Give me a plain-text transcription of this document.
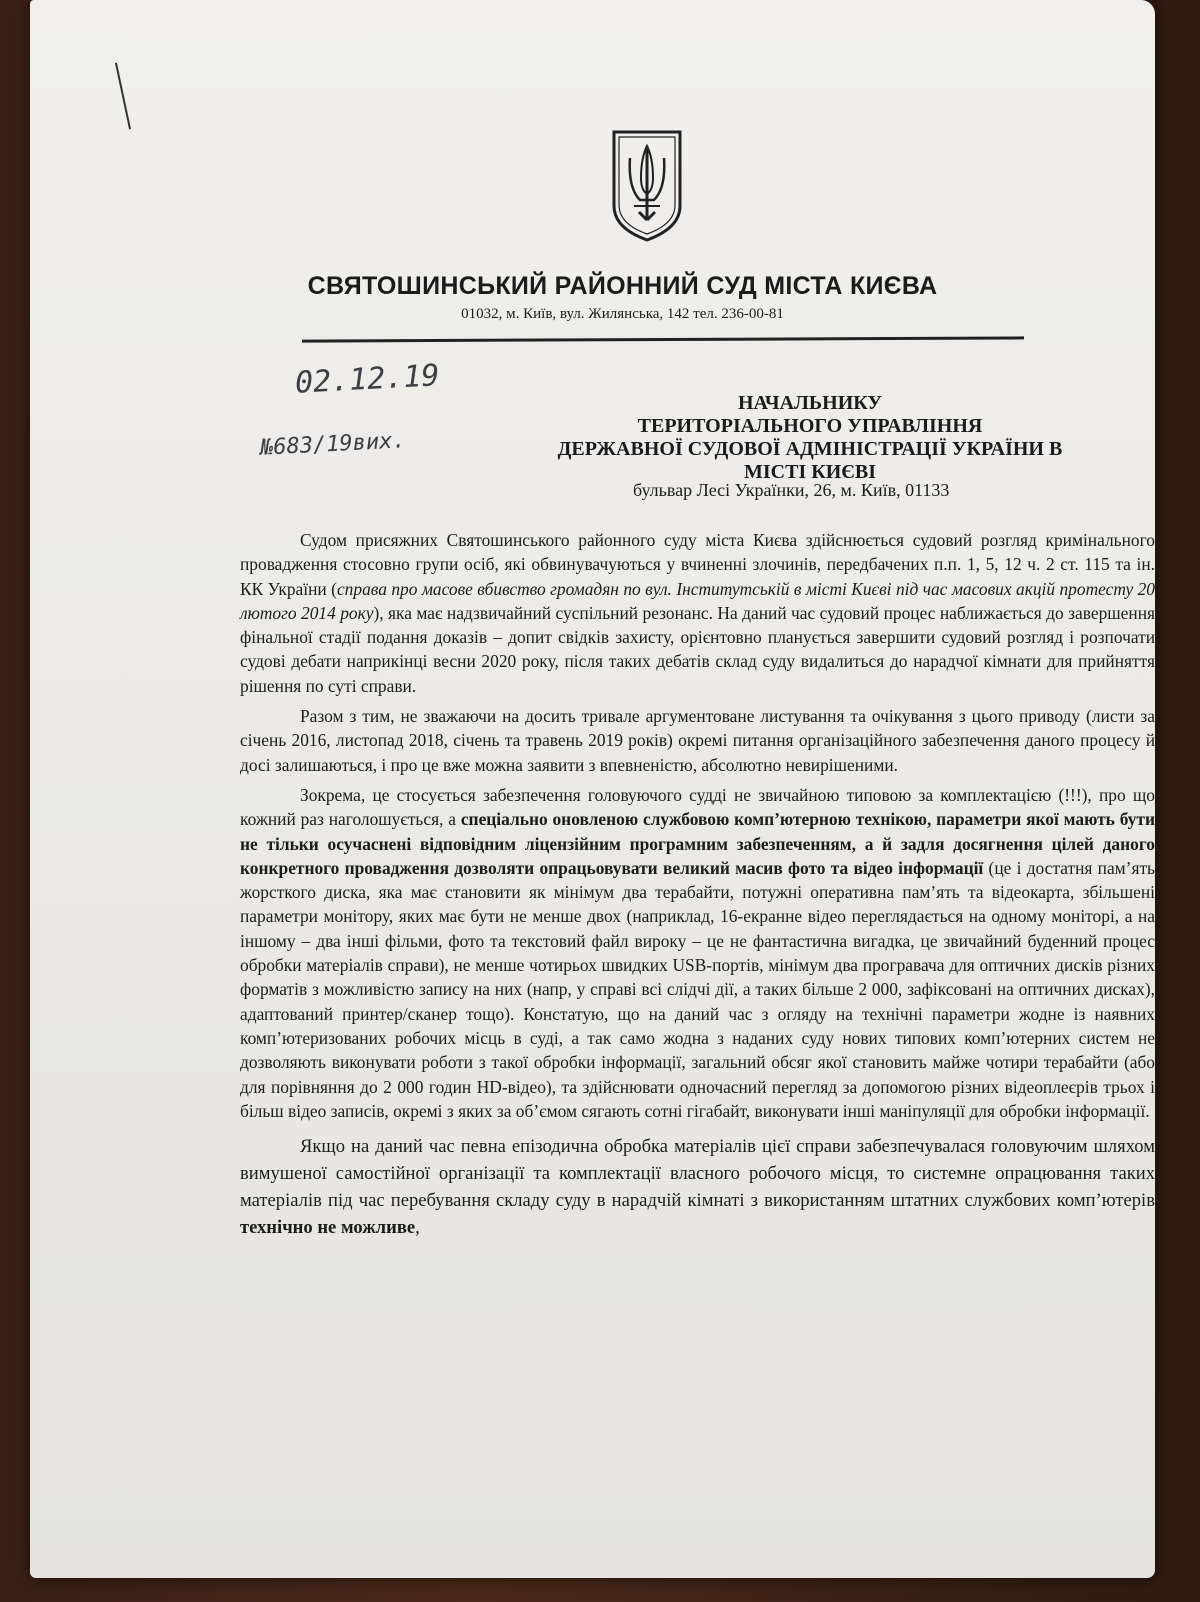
СВЯТОШИНСЬКИЙ РАЙОННИЙ СУД МІСТА КИЄВА
01032, м. Київ, вул. Жилянська, 142 тел. 236-00-81
02.12.19
№683/19вих.
НАЧАЛЬНИКУ
ТЕРИТОРІАЛЬНОГО УПРАВЛІННЯ
ДЕРЖАВНОЇ СУДОВОЇ АДМІНІСТРАЦІЇ УКРАЇНИ В
МІСТІ КИЄВІ
бульвар Лесі Українки, 26, м. Київ, 01133

Судом присяжних Святошинського районного суду міста Києва здійснюється судовий розгляд кримінального провадження стосовно групи осіб, які обвинувачуються у вчиненні злочинів, передбачених п.п. 1, 5, 12 ч. 2 ст. 115 та ін. КК України (справа про масове вбивство громадян по вул. Інститутській в місті Києві під час масових акцій протесту 20 лютого 2014 року), яка має надзвичайний суспільний резонанс. На даний час судовий процес наближається до завершення фінальної стадії подання доказів – допит свідків захисту, орієнтовно планується завершити судовий розгляд і розпочати судові дебати наприкінці весни 2020 року, після таких дебатів склад суду видалиться до нарадчої кімнати для прийняття рішення по суті справи.

Разом з тим, не зважаючи на досить тривале аргументоване листування та очікування з цього приводу (листи за січень 2016, листопад 2018, січень та травень 2019 років) окремі питання організаційного забезпечення даного процесу й досі залишаються, і про це вже можна заявити з впевненістю, абсолютно невирішеними.

Зокрема, це стосується забезпечення головуючого судді не звичайною типовою за комплектацією (!!!), про що кожний раз наголошується, а спеціально оновленою службовою комп’ютерною технікою, параметри якої мають бути не тільки осучаснені відповідним ліцензійним програмним забезпеченням, а й задля досягнення цілей даного конкретного провадження дозволяти опрацьовувати великий масив фото та відео інформації (це і достатня пам’ять жорсткого диска, яка має становити як мінімум два терабайти, потужні оперативна пам’ять та відеокарта, збільшені параметри монітору, яких має бути не менше двох (наприклад, 16-екранне відео переглядається на одному моніторі, а на іншому – два інші фільми, фото та текстовий файл вироку – це не фантастична вигадка, це звичайний буденний процес обробки матеріалів справи), не менше чотирьох швидких USB-портів, мінімум два програвача для оптичних дисків різних форматів з можливістю запису на них (напр, у справі всі слідчі дії, а таких більше 2 000, зафіксовані на оптичних дисках), адаптований принтер/сканер тощо). Констатую, що на даний час з огляду на технічні параметри жодне із наявних комп’ютеризованих робочих місць в суді, а так само жодна з наданих суду нових типових комп’ютерних систем не дозволяють виконувати роботи з такої обробки інформації, загальний обсяг якої становить майже чотири терабайти (або для порівняння до 2 000 годин HD-відео), та здійснювати одночасний перегляд за допомогою різних відеоплеєрів трьох і більш відео записів, окремі з яких за об’ємом сягають сотні гігабайт, виконувати інші маніпуляції для обробки інформації.

Якщо на даний час певна епізодична обробка матеріалів цієї справи забезпечувалася головуючим шляхом вимушеної самостійної організації та комплектації власного робочого місця, то системне опрацювання таких матеріалів під час перебування складу суду в нарадчій кімнаті з використанням штатних службових комп’ютерів технічно не можливе,
